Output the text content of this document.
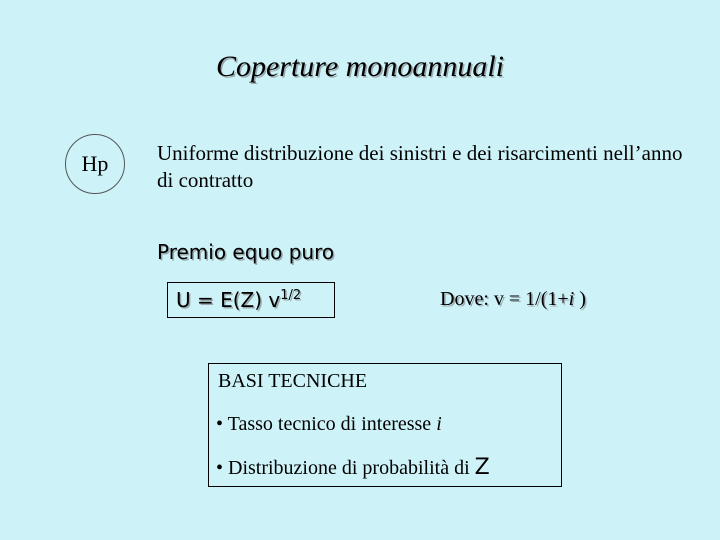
Coperture monoannuali
Hp Uniforme distribuzione dei sinistri e dei risarcimenti nell’anno di contratto
Premio equo puro
U = E(Z) $v^{1/2}$	Dove: v = 1/(1+i )
BASI TECNICHE
• Tasso tecnico di interesse i
• Distribuzione di probabilità di Z
